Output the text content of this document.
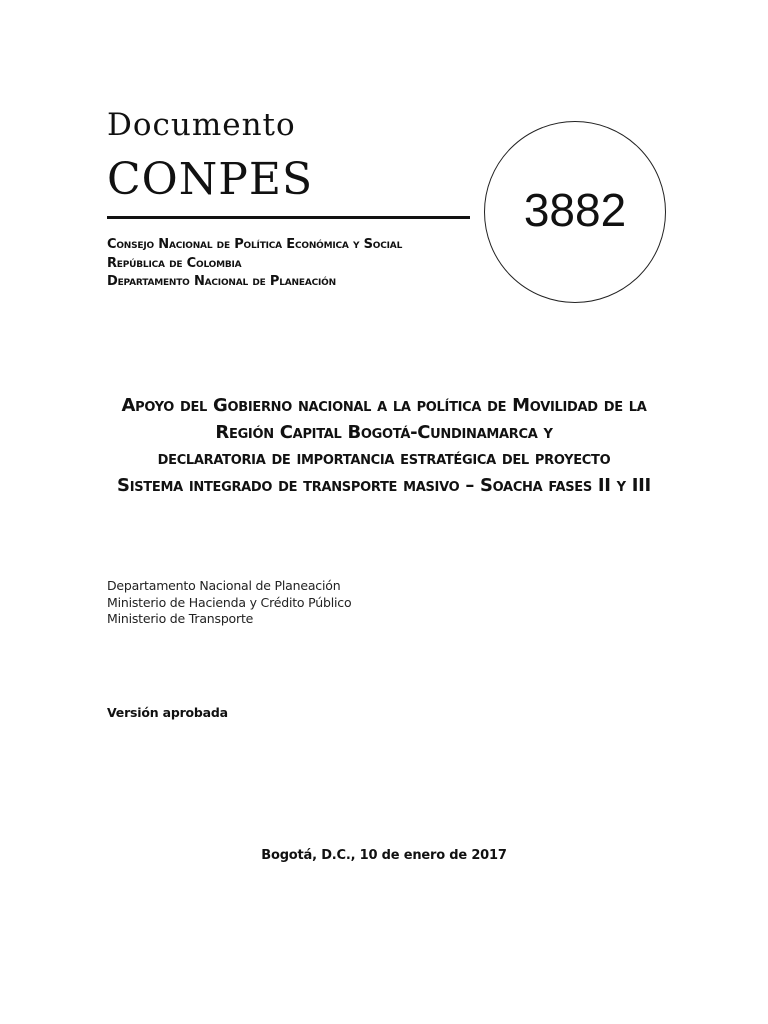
Documento
CONPES
3882
Consejo Nacional de Política Económica y Social
República de Colombia
Departamento Nacional de Planeación
Apoyo del Gobierno nacional a la política de Movilidad de la
Región Capital Bogotá-Cundinamarca y
declaratoria de importancia estratégica del proyecto
Sistema integrado de transporte masivo – Soacha fases II y III
Departamento Nacional de Planeación
Ministerio de Hacienda y Crédito Público
Ministerio de Transporte
Versión aprobada
Bogotá, D.C., 10 de enero de 2017
